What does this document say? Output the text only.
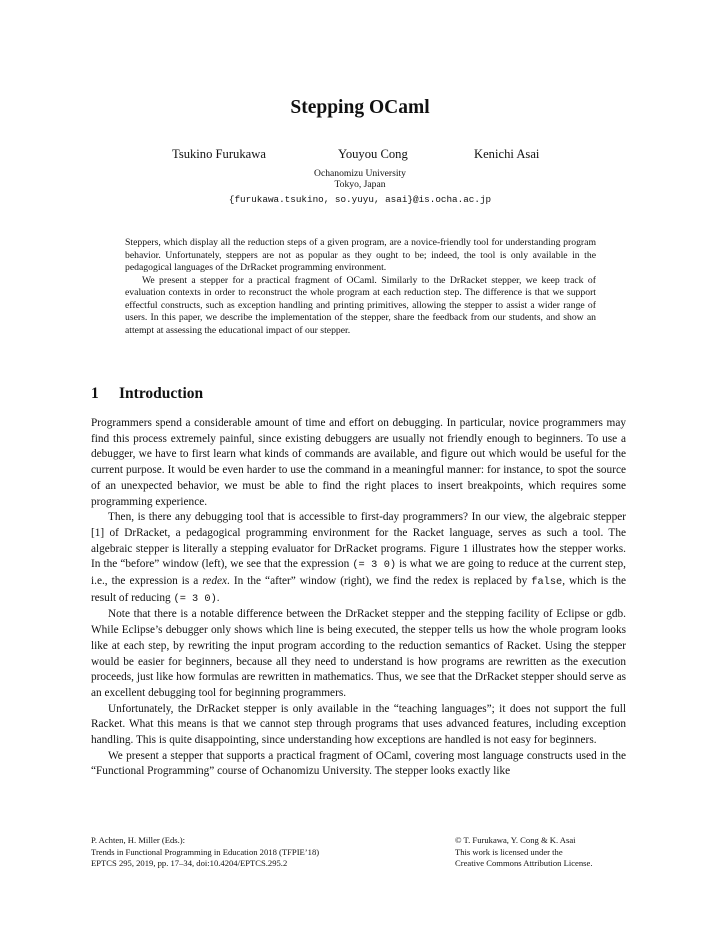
Stepping OCaml
Tsukino Furukawa	Youyou Cong	Kenichi Asai
Ochanomizu University
Tokyo, Japan
{furukawa.tsukino, so.yuyu, asai}@is.ocha.ac.jp

Steppers, which display all the reduction steps of a given program, are a novice-friendly tool for understanding program behavior. Unfortunately, steppers are not as popular as they ought to be; indeed, the tool is only available in the pedagogical languages of the DrRacket programming environment.

We present a stepper for a practical fragment of OCaml. Similarly to the DrRacket stepper, we keep track of evaluation contexts in order to reconstruct the whole program at each reduction step. The difference is that we support effectful constructs, such as exception handling and printing primitives, allowing the stepper to assist a wider range of users. In this paper, we describe the implementation of the stepper, share the feedback from our students, and show an attempt at assessing the educational impact of our stepper.

1 Introduction

Programmers spend a considerable amount of time and effort on debugging. In particular, novice programmers may find this process extremely painful, since existing debuggers are usually not friendly enough to beginners. To use a debugger, we have to first learn what kinds of commands are available, and figure out which would be useful for the current purpose. It would be even harder to use the command in a meaningful manner: for instance, to spot the source of an unexpected behavior, we must be able to find the right places to insert breakpoints, which requires some programming experience.

Then, is there any debugging tool that is accessible to first-day programmers? In our view, the algebraic stepper [1] of DrRacket, a pedagogical programming environment for the Racket language, serves as such a tool. The algebraic stepper is literally a stepping evaluator for DrRacket programs. Figure 1 illustrates how the stepper works. In the “before” window (left), we see that the expression (= 3 0) is what we are going to reduce at the current step, i.e., the expression is a redex. In the “after” window (right), we find the redex is replaced by false, which is the result of reducing (= 3 0).

Note that there is a notable difference between the DrRacket stepper and the stepping facility of Eclipse or gdb. While Eclipse’s debugger only shows which line is being executed, the stepper tells us how the whole program looks like at each step, by rewriting the input program according to the reduction semantics of Racket. Using the stepper would be easier for beginners, because all they need to understand is how programs are rewritten as the execution proceeds, just like how formulas are rewritten in mathematics. Thus, we see that the DrRacket stepper should serve as an excellent debugging tool for beginning programmers.

Unfortunately, the DrRacket stepper is only available in the “teaching languages”; it does not support the full Racket. What this means is that we cannot step through programs that uses advanced features, including exception handling. This is quite disappointing, since understanding how exceptions are handled is not easy for beginners.

We present a stepper that supports a practical fragment of OCaml, covering most language constructs used in the “Functional Programming” course of Ochanomizu University. The stepper looks exactly like

P. Achten, H. Miller (Eds.):
Trends in Functional Programming in Education 2018 (TFPIE’18)
EPTCS 295, 2019, pp. 17–34, doi:10.4204/EPTCS.295.2
© T. Furukawa, Y. Cong & K. Asai
This work is licensed under the
Creative Commons Attribution License.
